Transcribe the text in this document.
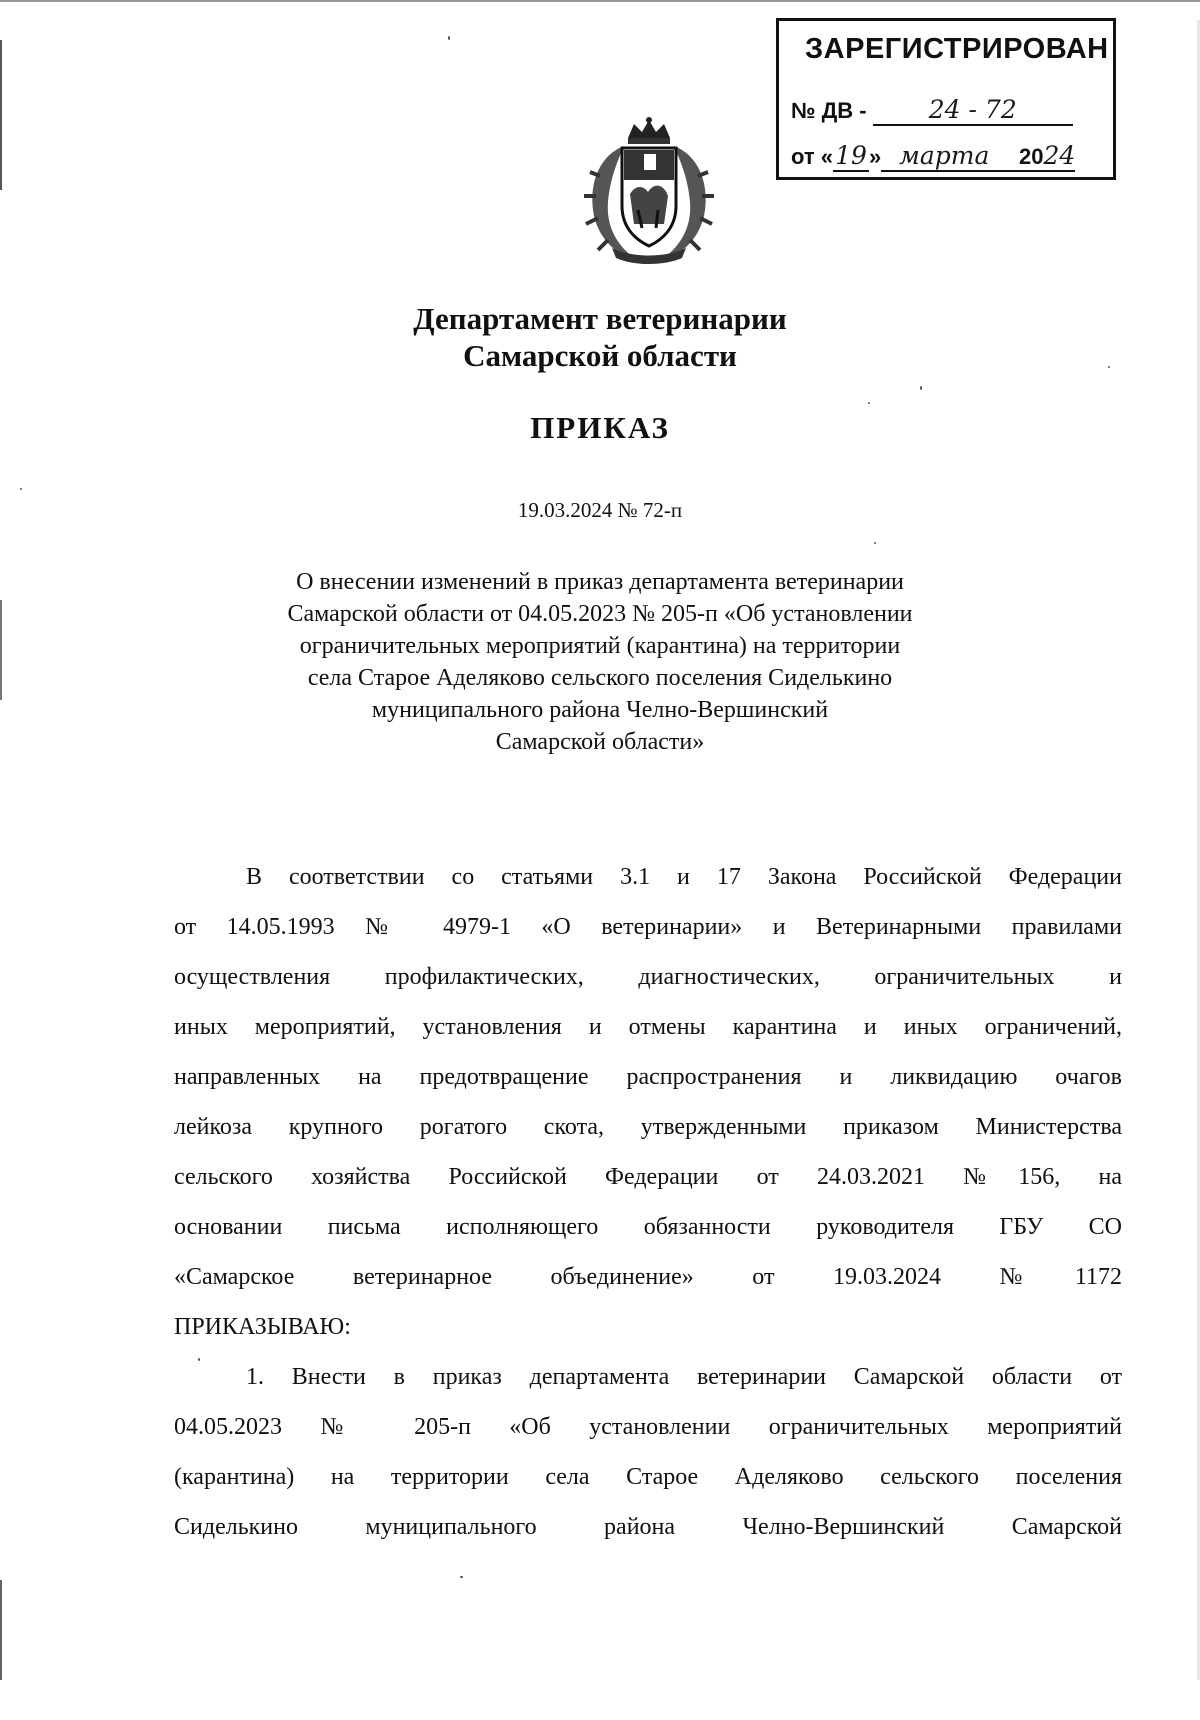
ЗАРЕГИСТРИРОВАН
№ ДВ - 24 - 72
от «19» марта 2024
Департамент ветеринарии
Самарской области
ПРИКАЗ
19.03.2024 № 72-п
О внесении изменений в приказ департамента ветеринарии
Самарской области от 04.05.2023 № 205-п «Об установлении
ограничительных мероприятий (карантина) на территории
села Старое Аделяково сельского поселения Сиделькино
муниципального района Челно-Вершинский
Самарской области»
В соответствии со статьями 3.1 и 17 Закона Российской Федерации
от 14.05.1993 № 4979-1 «О ветеринарии» и Ветеринарными правилами
осуществления профилактических, диагностических, ограничительных и
иных мероприятий, установления и отмены карантина и иных ограничений,
направленных на предотвращение распространения и ликвидацию очагов
лейкоза крупного рогатого скота, утвержденными приказом Министерства
сельского хозяйства Российской Федерации от 24.03.2021 №156, на
основании письма исполняющего обязанности руководителя ГБУ СО
«Самарское ветеринарное объединение» от 19.03.2024 №1172
ПРИКАЗЫВАЮ:
1. Внести в приказ департамента ветеринарии Самарской области от
04.05.2023 № 205-п «Об установлении ограничительных мероприятий
(карантина) на территории села Старое Аделяково сельского поселения
Сиделькино муниципального района Челно-Вершинский Самарской
